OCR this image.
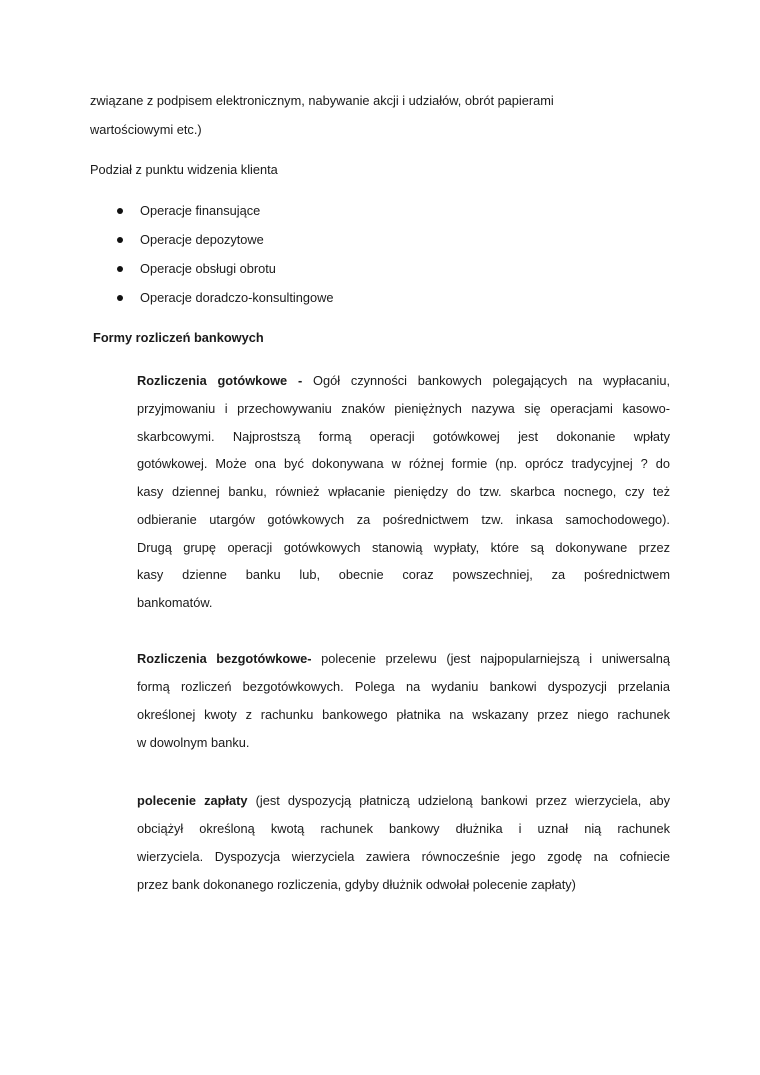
związane z podpisem elektronicznym, nabywanie akcji i udziałów, obrót papierami
wartościowymi etc.)
Podział z punktu widzenia klienta
Operacje finansujące
Operacje depozytowe
Operacje obsługi obrotu
Operacje doradczo-konsultingowe
Formy rozliczeń bankowych
Rozliczenia gotówkowe - Ogół czynności bankowych polegających na wypłacaniu,
przyjmowaniu i przechowywaniu znaków pieniężnych nazywa się operacjami kasowo-
skarbcowymi. Najprostszą formą operacji gotówkowej jest dokonanie wpłaty
gotówkowej. Może ona być dokonywana w różnej formie (np. oprócz tradycyjnej ? do
kasy dziennej banku, również wpłacanie pieniędzy do tzw. skarbca nocnego, czy też
odbieranie utargów gotówkowych za pośrednictwem tzw. inkasa samochodowego).
Drugą grupę operacji gotówkowych stanowią wypłaty, które są dokonywane przez
kasy dzienne banku lub, obecnie coraz powszechniej, za pośrednictwem
bankomatów.
Rozliczenia bezgotówkowe- polecenie przelewu (jest najpopularniejszą i uniwersalną
formą rozliczeń bezgotówkowych. Polega na wydaniu bankowi dyspozycji przelania
określonej kwoty z rachunku bankowego płatnika na wskazany przez niego rachunek
w dowolnym banku.
polecenie zapłaty (jest dyspozycją płatniczą udzieloną bankowi przez wierzyciela, aby
obciążył określoną kwotą rachunek bankowy dłużnika i uznał nią rachunek
wierzyciela. Dyspozycja wierzyciela zawiera równocześnie jego zgodę na cofniecie
przez bank dokonanego rozliczenia, gdyby dłużnik odwołał polecenie zapłaty)
